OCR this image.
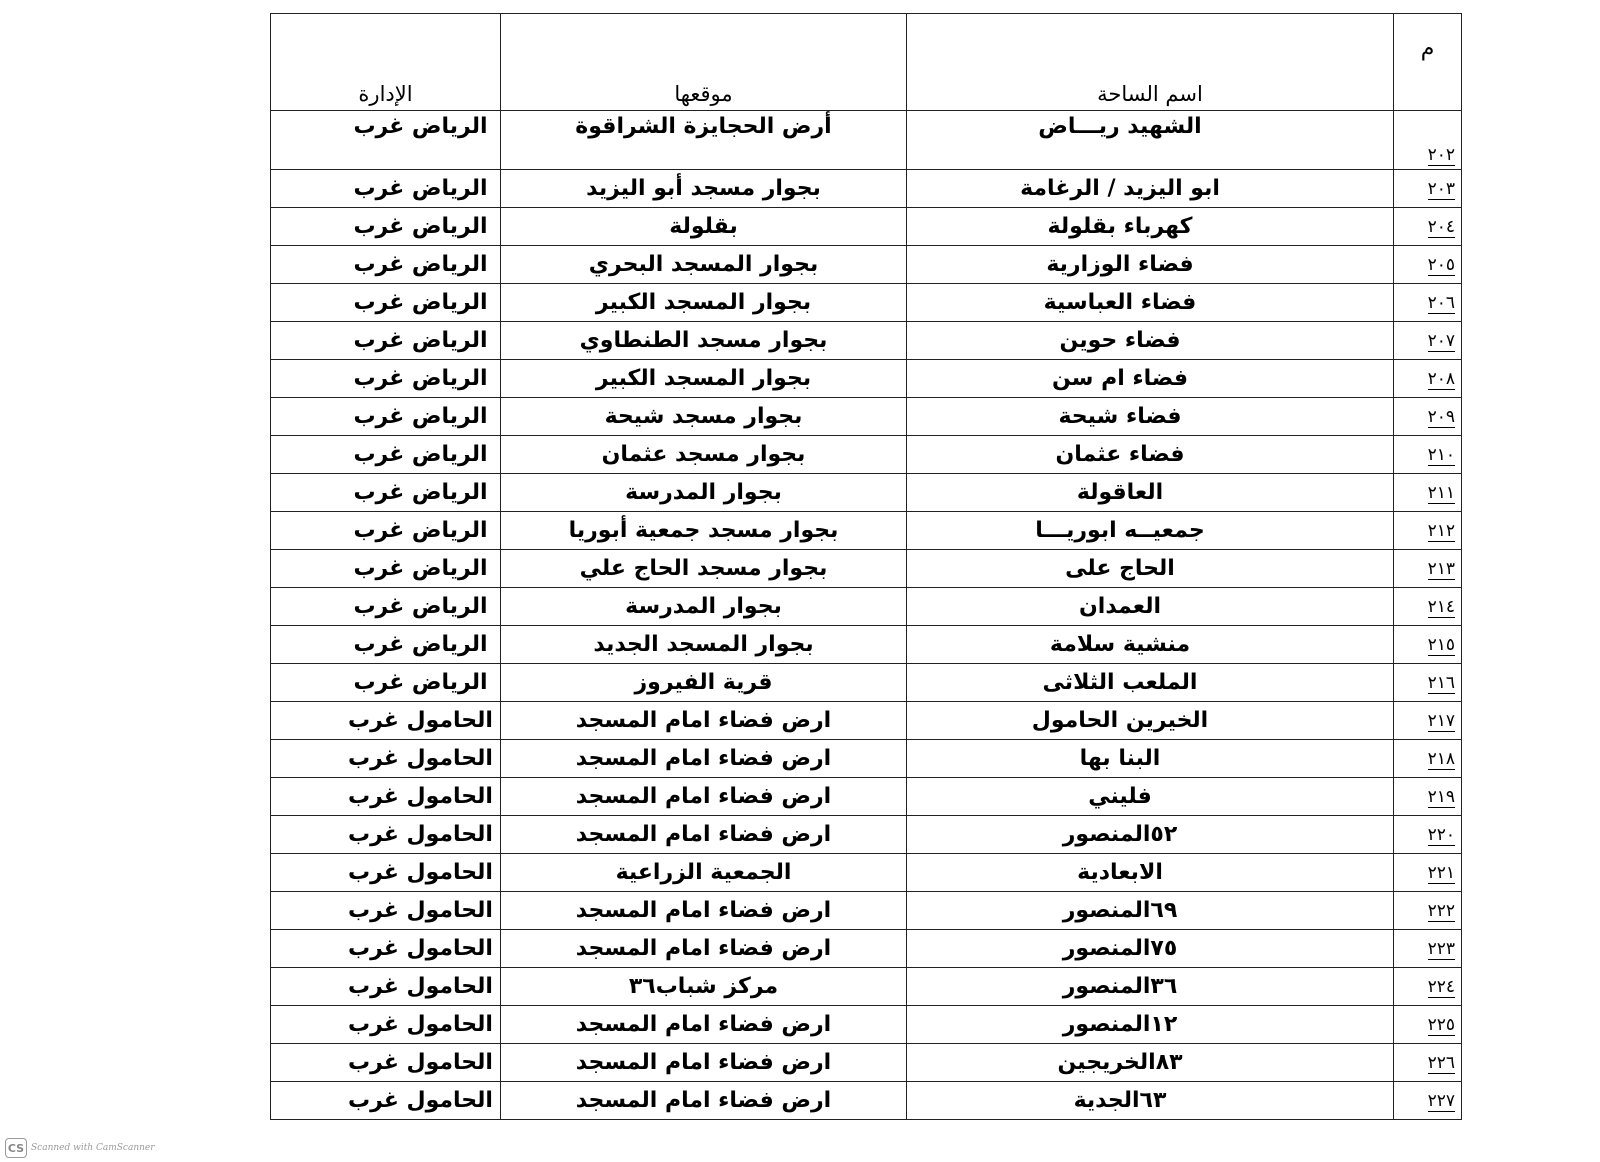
م	اسم الساحة	موقعها	الإدارة
٢٠٢	الشهيد ريـــاض	أرض الحجايزة الشراقوة	الرياض غرب
٢٠٣	ابو اليزيد / الرغامة	بجوار مسجد أبو اليزيد	الرياض غرب
٢٠٤	كهرباء بقلولة	بقلولة	الرياض غرب
٢٠٥	فضاء الوزارية	بجوار المسجد البحري	الرياض غرب
٢٠٦	فضاء العباسية	بجوار المسجد الكبير	الرياض غرب
٢٠٧	فضاء حوين	بجوار مسجد الطنطاوي	الرياض غرب
٢٠٨	فضاء ام سن	بجوار المسجد الكبير	الرياض غرب
٢٠٩	فضاء شيحة	بجوار مسجد شيحة	الرياض غرب
٢١٠	فضاء عثمان	بجوار مسجد عثمان	الرياض غرب
٢١١	العاقولة	بجوار المدرسة	الرياض غرب
٢١٢	جمعيــه ابوريـــا	بجوار مسجد جمعية أبوريا	الرياض غرب
٢١٣	الحاج على	بجوار مسجد الحاج علي	الرياض غرب
٢١٤	العمدان	بجوار المدرسة	الرياض غرب
٢١٥	منشية سلامة	بجوار المسجد الجديد	الرياض غرب
٢١٦	الملعب الثلاثى	قرية الفيروز	الرياض غرب
٢١٧	الخيرين الحامول	ارض فضاء امام المسجد	الحامول غرب
٢١٨	البنا بها	ارض فضاء امام المسجد	الحامول غرب
٢١٩	فليني	ارض فضاء امام المسجد	الحامول غرب
٢٢٠	٥٢المنصور	ارض فضاء امام المسجد	الحامول غرب
٢٢١	الابعادية	الجمعية الزراعية	الحامول غرب
٢٢٢	٦٩المنصور	ارض فضاء امام المسجد	الحامول غرب
٢٢٣	٧٥المنصور	ارض فضاء امام المسجد	الحامول غرب
٢٢٤	٣٦المنصور	مركز شباب٣٦	الحامول غرب
٢٢٥	١٢المنصور	ارض فضاء امام المسجد	الحامول غرب
٢٢٦	٨٣الخريجين	ارض فضاء امام المسجد	الحامول غرب
٢٢٧	٦٣الجدية	ارض فضاء امام المسجد	الحامول غرب
CS Scanned with CamScanner
